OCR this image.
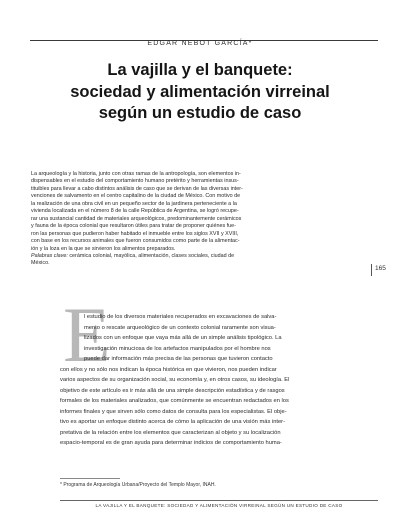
EDGAR NEBOT GARCÍA*
La vajilla y el banquete:
sociedad y alimentación virreinal
según un estudio de caso
La arqueología y la historia, junto con otras ramas de la antropología, son elementos in-
dispensables en el estudio del comportamiento humano pretérito y herramientas insus-
tituibles para llevar a cabo distintos análisis de caso que se derivan de las diversas inter-
venciones de salvamento en el centro capitalino de la ciudad de México. Con motivo de
la realización de una obra civil en un pequeño sector de la jardinera perteneciente a la
vivienda localizada en el número 8 de la calle República de Argentina, se logró recupe-
rar una sustancial cantidad de materiales arqueológicos, predominantemente cerámicos
y fauna de la época colonial que resultaron útiles para tratar de proponer quiénes fue-
ron las personas que pudieron haber habitado el inmueble entre los siglos XVII y XVIII,
con base en los recursos animales que fueron consumidos como parte de la alimentac-
ión y la loza en la que se sirvieron los alimentos preparados.
Palabras clave: cerámica colonial, mayólica, alimentación, clases sociales, ciudad de
México.
165
E
l estudio de los diversos materiales recuperados en excavaciones de salva-
mento o rescate arqueológico de un contexto colonial raramente son visua-
lizados con un enfoque que vaya más allá de un simple análisis tipológico. La
investigación minuciosa de los artefactos manipulados por el hombre nos
puede dar información más precisa de las personas que tuvieron contacto
con ellos y no sólo nos indican la época histórica en que vivieron, nos pueden indicar
varios aspectos de su organización social, su economía y, en otros casos, su ideología. El
objetivo de este artículo es ir más allá de una simple descripción estadística y de rasgos
formales de los materiales analizados, que comúnmente se encuentran redactados en los
informes finales y que sirven sólo como datos de consulta para los especialistas. El obje-
tivo es aportar un enfoque distinto acerca de cómo la aplicación de una visión más inter-
pretativa de la relación entre los elementos que caracterizan al objeto y su localización
espacio-temporal es de gran ayuda para determinar indicios de comportamiento huma-
* Programa de Arqueología Urbana/Proyecto del Templo Mayor, INAH.
LA VAJILLA Y EL BANQUETE: SOCIEDAD Y ALIMENTACIÓN VIRREINAL SEGÚN UN ESTUDIO DE CASO
